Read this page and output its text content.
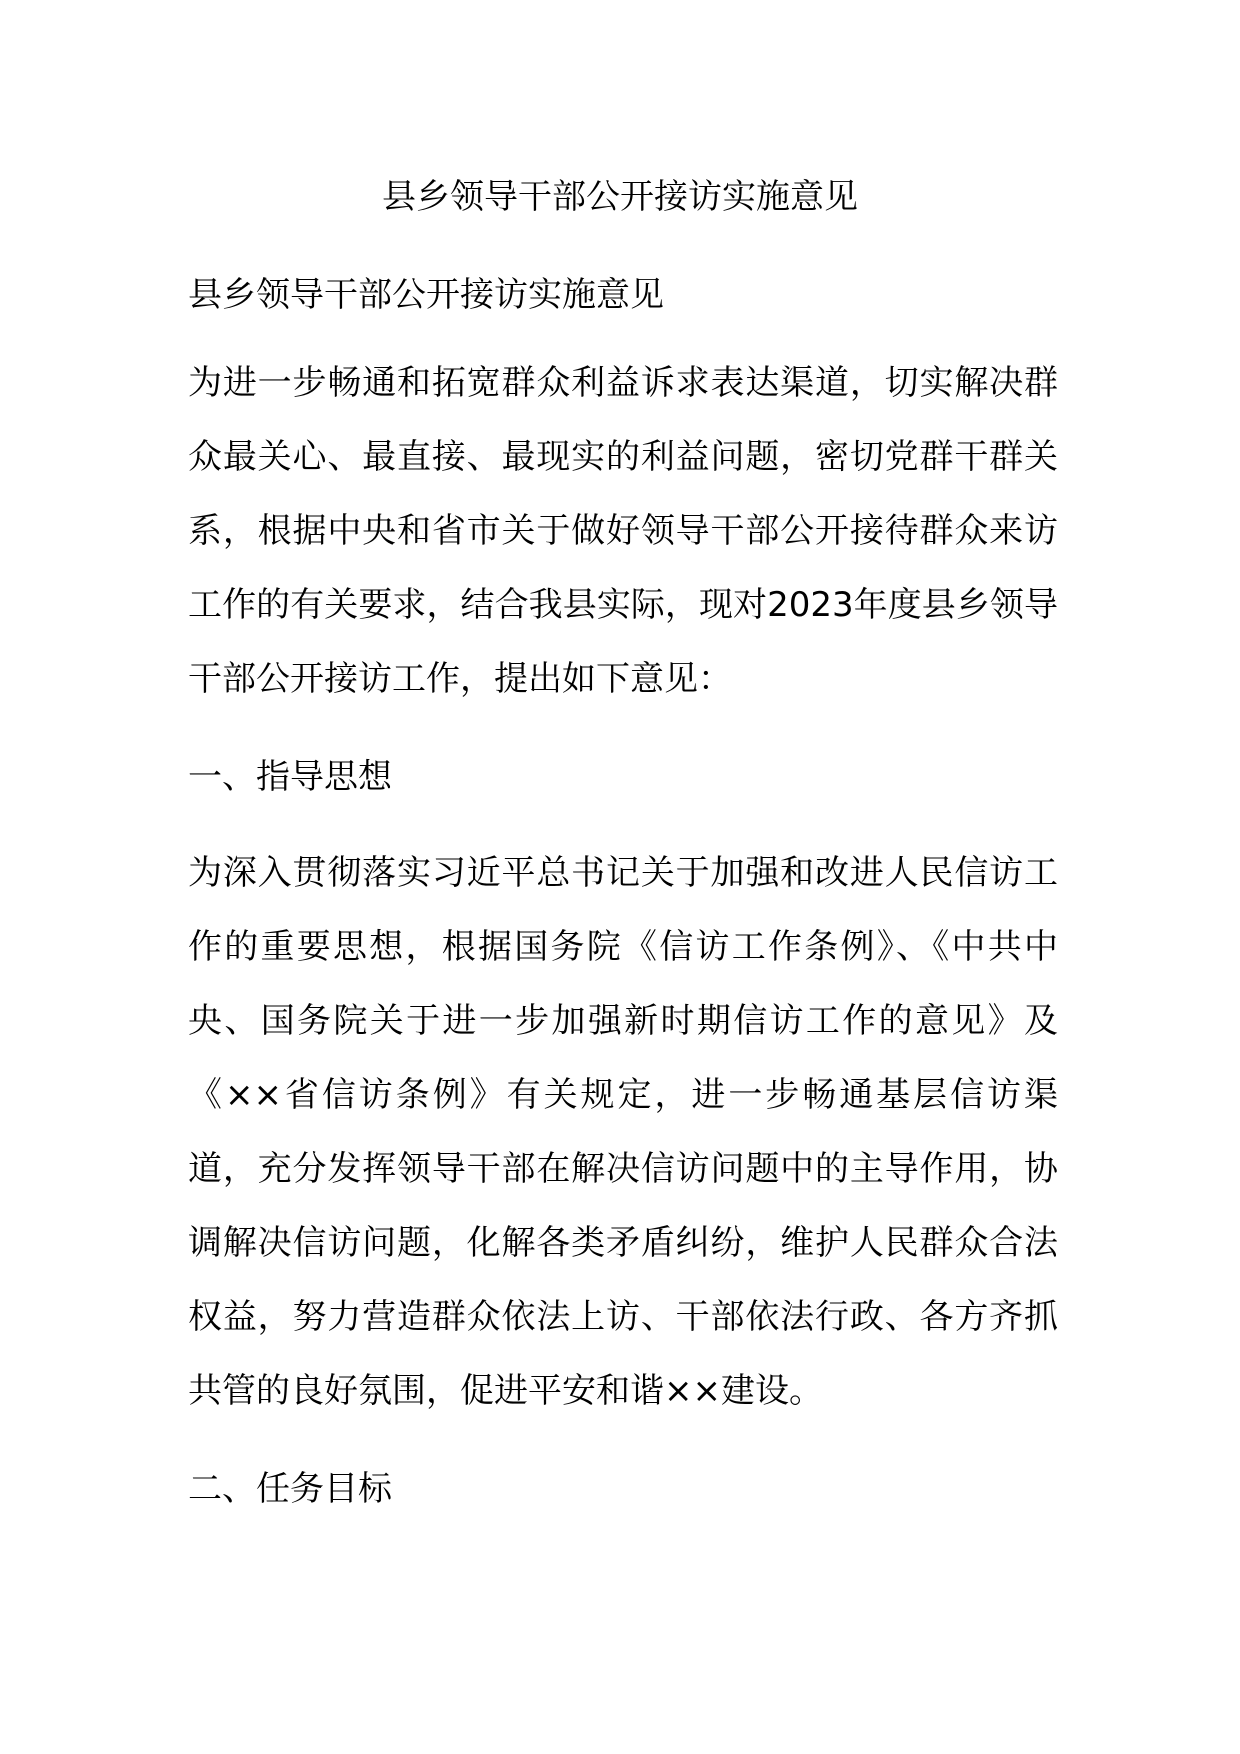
县乡领导干部公开接访实施意见

县乡领导干部公开接访实施意见

为进一步畅通和拓宽群众利益诉求表达渠道，切实解决群众最关心、最直接、最现实的利益问题，密切党群干群关系，根据中央和省市关于做好领导干部公开接待群众来访工作的有关要求，结合我县实际，现对2023年度县乡领导干部公开接访工作，提出如下意见：

一、指导思想

为深入贯彻落实习近平总书记关于加强和改进人民信访工作的重要思想，根据国务院《信访工作条例》、《中共中央、国务院关于进一步加强新时期信访工作的意见》及《××省信访条例》有关规定，进一步畅通基层信访渠道，充分发挥领导干部在解决信访问题中的主导作用，协调解决信访问题，化解各类矛盾纠纷，维护人民群众合法权益，努力营造群众依法上访、干部依法行政、各方齐抓共管的良好氛围，促进平安和谐××建设。

二、任务目标
